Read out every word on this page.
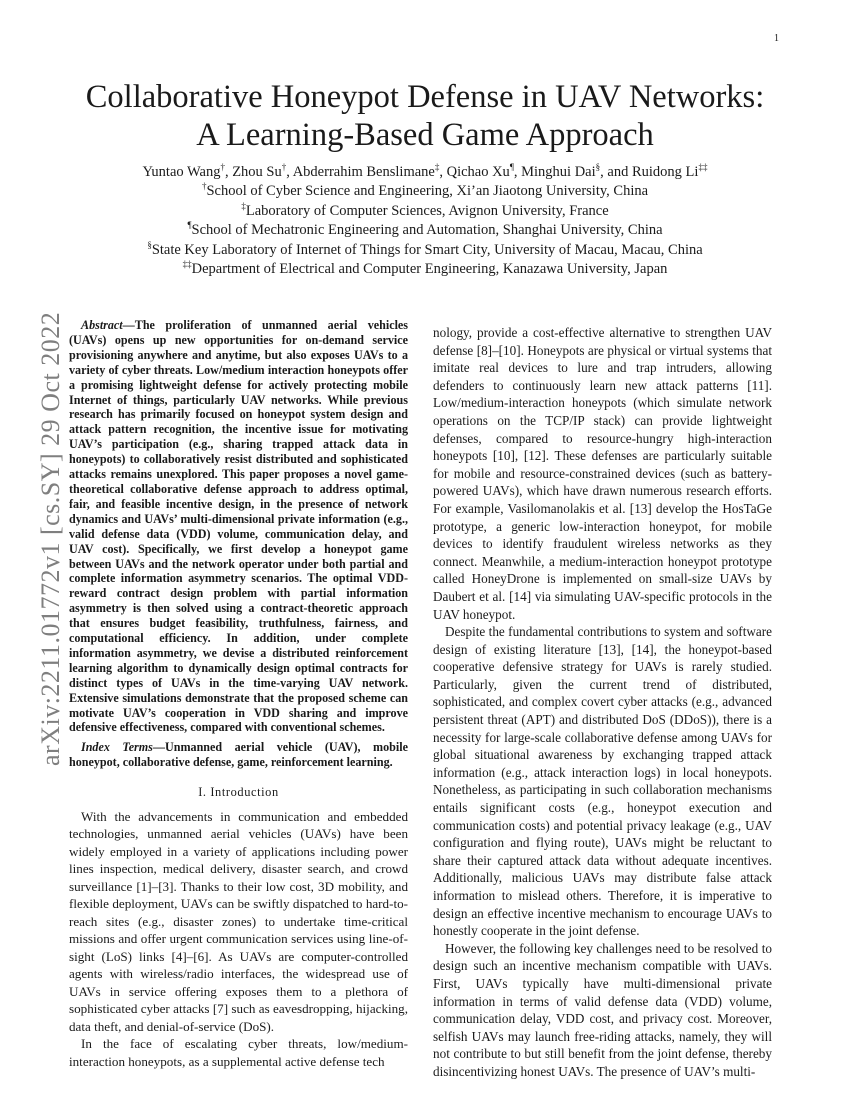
1
arXiv:2211.01772v1 [cs.SY] 29 Oct 2022
Collaborative Honeypot Defense in UAV Networks:
A Learning-Based Game Approach
Yuntao Wang†, Zhou Su†, Abderrahim Benslimane‡, Qichao Xu¶, Minghui Dai§, and Ruidong Li‡‡
†School of Cyber Science and Engineering, Xi’an Jiaotong University, China
‡Laboratory of Computer Sciences, Avignon University, France
¶School of Mechatronic Engineering and Automation, Shanghai University, China
§State Key Laboratory of Internet of Things for Smart City, University of Macau, Macau, China
‡‡Department of Electrical and Computer Engineering, Kanazawa University, Japan

Abstract—The proliferation of unmanned aerial vehicles (UAVs) opens up new opportunities for on-demand service provisioning anywhere and anytime, but also exposes UAVs to a variety of cyber threats. Low/medium interaction honeypots offer a promising lightweight defense for actively protecting mobile Internet of things, particularly UAV networks. While previous research has primarily focused on honeypot system design and attack pattern recognition, the incentive issue for motivating UAV’s participation (e.g., sharing trapped attack data in honeypots) to collaboratively resist distributed and sophisticated attacks remains unexplored. This paper proposes a novel game-theoretical collaborative defense approach to address optimal, fair, and feasible incentive design, in the presence of network dynamics and UAVs’ multi-dimensional private information (e.g., valid defense data (VDD) volume, communication delay, and UAV cost). Specifically, we first develop a honeypot game between UAVs and the network operator under both partial and complete information asymmetry scenarios. The optimal VDD-reward contract design problem with partial information asymmetry is then solved using a contract-theoretic approach that ensures budget feasibility, truthfulness, fairness, and computational efficiency. In addition, under complete information asymmetry, we devise a distributed reinforcement learning algorithm to dynamically design optimal contracts for distinct types of UAVs in the time-varying UAV network. Extensive simulations demonstrate that the proposed scheme can motivate UAV’s cooperation in VDD sharing and improve defensive effectiveness, compared with conventional schemes.

Index Terms—Unmanned aerial vehicle (UAV), mobile honeypot, collaborative defense, game, reinforcement learning.

I. Introduction

With the advancements in communication and embedded technologies, unmanned aerial vehicles (UAVs) have been widely employed in a variety of applications including power lines inspection, medical delivery, disaster search, and crowd surveillance [1]–[3]. Thanks to their low cost, 3D mobility, and flexible deployment, UAVs can be swiftly dispatched to hard-to-reach sites (e.g., disaster zones) to undertake time-critical missions and offer urgent communication services using line-of-sight (LoS) links [4]–[6]. As UAVs are computer-controlled agents with wireless/radio interfaces, the widespread use of UAVs in service offering exposes them to a plethora of sophisticated cyber attacks [7] such as eavesdropping, hijacking, data theft, and denial-of-service (DoS).

In the face of escalating cyber threats, low/medium-interaction honeypots, as a supplemental active defense tech

nology, provide a cost-effective alternative to strengthen UAV defense [8]–[10]. Honeypots are physical or virtual systems that imitate real devices to lure and trap intruders, allowing defenders to continuously learn new attack patterns [11]. Low/medium-interaction honeypots (which simulate network operations on the TCP/IP stack) can provide lightweight defenses, compared to resource-hungry high-interaction honeypots [10], [12]. These defenses are particularly suitable for mobile and resource-constrained devices (such as battery-powered UAVs), which have drawn numerous research efforts. For example, Vasilomanolakis et al. [13] develop the HosTaGe prototype, a generic low-interaction honeypot, for mobile devices to identify fraudulent wireless networks as they connect. Meanwhile, a medium-interaction honeypot prototype called HoneyDrone is implemented on small-size UAVs by Daubert et al. [14] via simulating UAV-specific protocols in the UAV honeypot.

Despite the fundamental contributions to system and software design of existing literature [13], [14], the honeypot-based cooperative defensive strategy for UAVs is rarely studied. Particularly, given the current trend of distributed, sophisticated, and complex covert cyber attacks (e.g., advanced persistent threat (APT) and distributed DoS (DDoS)), there is a necessity for large-scale collaborative defense among UAVs for global situational awareness by exchanging trapped attack information (e.g., attack interaction logs) in local honeypots. Nonetheless, as participating in such collaboration mechanisms entails significant costs (e.g., honeypot execution and communication costs) and potential privacy leakage (e.g., UAV configuration and flying route), UAVs might be reluctant to share their captured attack data without adequate incentives. Additionally, malicious UAVs may distribute false attack information to mislead others. Therefore, it is imperative to design an effective incentive mechanism to encourage UAVs to honestly cooperate in the joint defense.

However, the following key challenges need to be resolved to design such an incentive mechanism compatible with UAVs. First, UAVs typically have multi-dimensional private information in terms of valid defense data (VDD) volume, communication delay, VDD cost, and privacy cost. Moreover, selfish UAVs may launch free-riding attacks, namely, they will not contribute to but still benefit from the joint defense, thereby disincentivizing honest UAVs. The presence of UAV’s multi-
